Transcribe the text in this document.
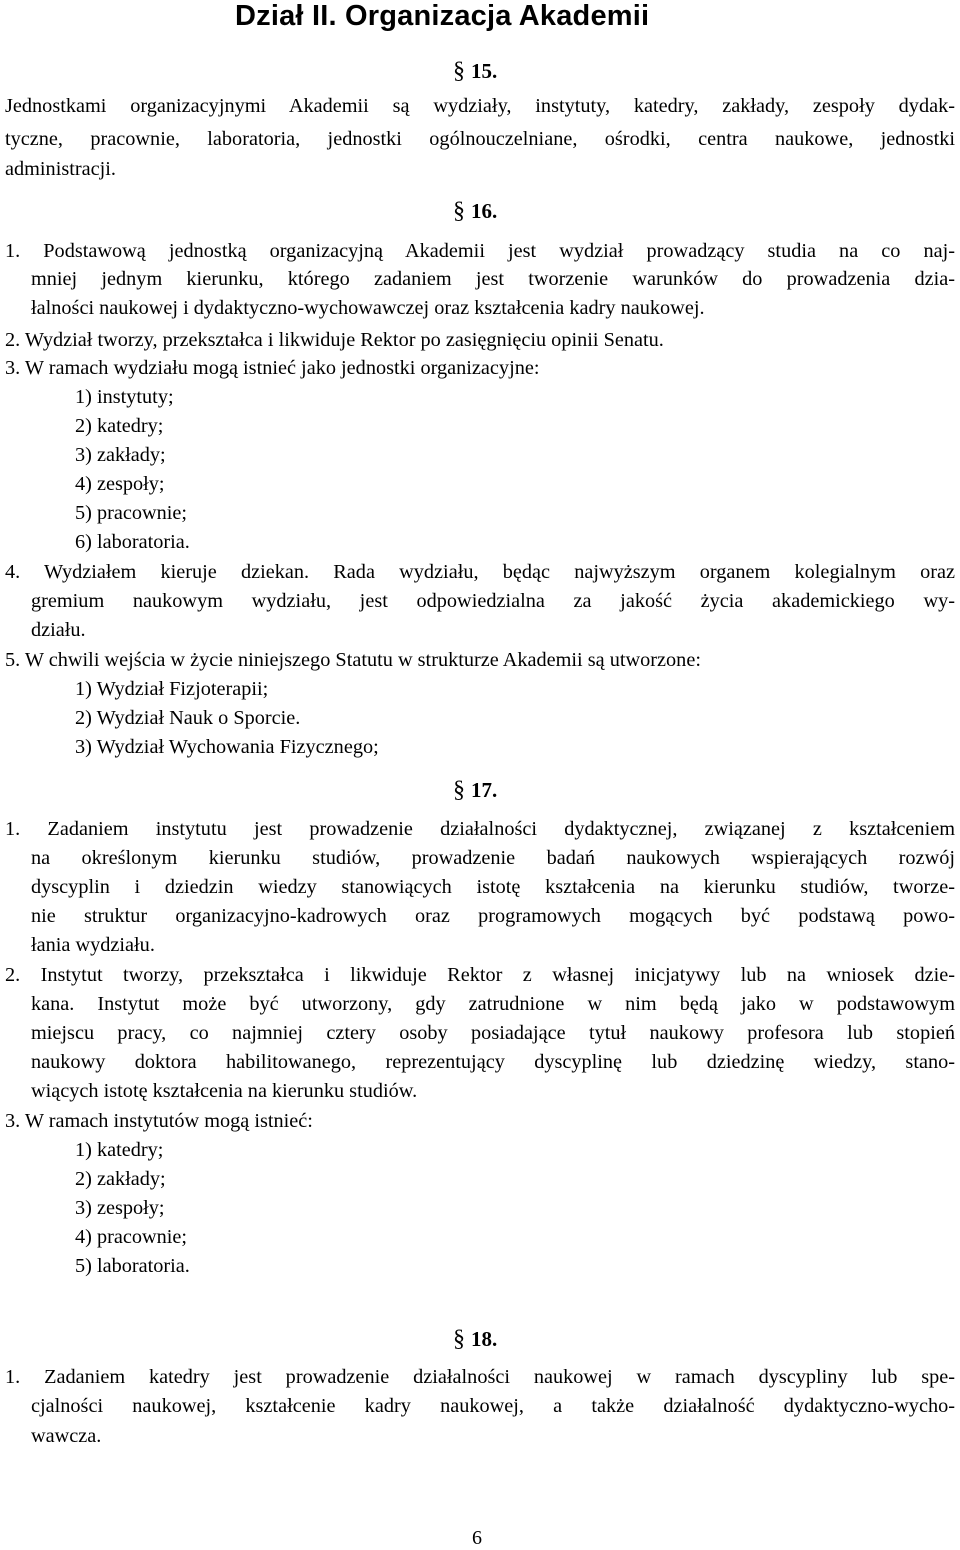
Dział II. Organizacja Akademii
§ 15.
Jednostkami organizacyjnymi Akademii są wydziały, instytuty, katedry, zakłady, zespoły dydak-
tyczne, pracownie, laboratoria, jednostki ogólnouczelniane, ośrodki, centra naukowe, jednostki
administracji.
§ 16.
1. Podstawową jednostką organizacyjną Akademii jest wydział prowadzący studia na co naj-
mniej jednym kierunku, którego zadaniem jest tworzenie warunków do prowadzenia dzia-
łalności naukowej i dydaktyczno-wychowawczej oraz kształcenia kadry naukowej.
2. Wydział tworzy, przekształca i likwiduje Rektor po zasięgnięciu opinii Senatu.
3. W ramach wydziału mogą istnieć jako jednostki organizacyjne:
1) instytuty;
2) katedry;
3) zakłady;
4) zespoły;
5) pracownie;
6) laboratoria.
4. Wydziałem kieruje dziekan. Rada wydziału, będąc najwyższym organem kolegialnym oraz
gremium naukowym wydziału, jest odpowiedzialna za jakość życia akademickiego wy-
działu.
5. W chwili wejścia w życie niniejszego Statutu w strukturze Akademii są utworzone:
1) Wydział Fizjoterapii;
2) Wydział Nauk o Sporcie.
3) Wydział Wychowania Fizycznego;
§ 17.
1. Zadaniem instytutu jest prowadzenie działalności dydaktycznej, związanej z kształceniem
na określonym kierunku studiów, prowadzenie badań naukowych wspierających rozwój
dyscyplin i dziedzin wiedzy stanowiących istotę kształcenia na kierunku studiów, tworze-
nie struktur organizacyjno-kadrowych oraz programowych mogących być podstawą powo-
łania wydziału.
2. Instytut tworzy, przekształca i likwiduje Rektor z własnej inicjatywy lub na wniosek dzie-
kana. Instytut może być utworzony, gdy zatrudnione w nim będą jako w podstawowym
miejscu pracy, co najmniej cztery osoby posiadające tytuł naukowy profesora lub stopień
naukowy doktora habilitowanego, reprezentujący dyscyplinę lub dziedzinę wiedzy, stano-
wiących istotę kształcenia na kierunku studiów.
3. W ramach instytutów mogą istnieć:
1) katedry;
2) zakłady;
3) zespoły;
4) pracownie;
5) laboratoria.
§ 18.
1. Zadaniem katedry jest prowadzenie działalności naukowej w ramach dyscypliny lub spe-
cjalności naukowej, kształcenie kadry naukowej, a także działalność dydaktyczno-wycho-
wawcza.
6
